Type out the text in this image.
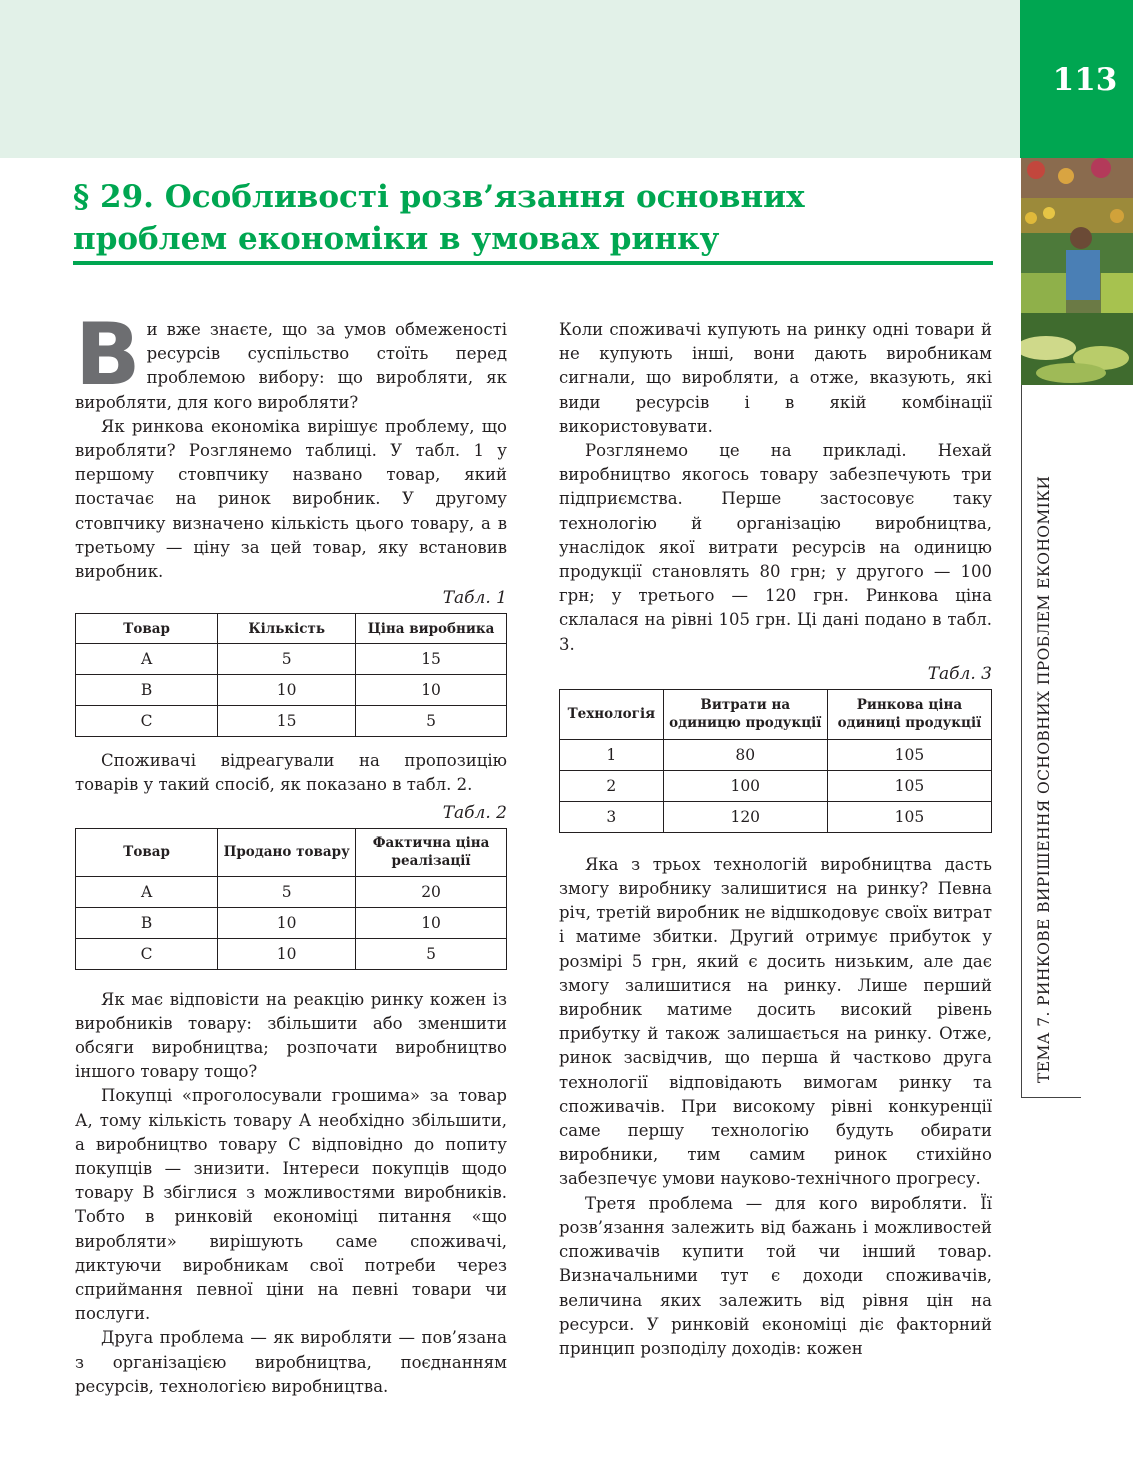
113
ТЕМА 7. РИНКОВЕ ВИРІШЕННЯ ОСНОВНИХ ПРОБЛЕМ ЕКОНОМІКИ
§ 29. Особливості розв’язання основних
проблем економіки в умовах ринку

Ви вже знаєте, що за умов обмеженості ресурсів суспільство стоїть перед проблемою вибору: що виробляти, як виробляти, для кого виробляти?

Як ринкова економіка вирішує проблему, що виробляти? Розглянемо таблиці. У табл. 1 у першому стовпчику названо товар, який постачає на ринок виробник. У другому стовпчику визначено кількість цього товару, а в третьому — ціну за цей товар, яку встановив виробник.

Табл. 1
Товар	Кількість	Ціна виробника
А	5	15
В	10	10
С	15	5

Споживачі відреагували на пропозицію товарів у такий спосіб, як показано в табл. 2.

Табл. 2
Товар	Продано товару	Фактична ціна реалізації
А	5	20
В	10	10
С	10	5

Як має відповісти на реакцію ринку кожен із виробників товару: збільшити або зменшити обсяги виробництва; розпочати виробництво іншого товару тощо?

Покупці «проголосували грошима» за товар А, тому кількість товару А необхідно збільшити, а виробництво товару С відповідно до попиту покупців — знизити. Інтереси покупців щодо товару В збіглися з можливостями виробників. Тобто в ринковій економіці питання «що виробляти» вирішують саме споживачі, диктуючи виробникам свої потреби через сприймання певної ціни на певні товари чи послуги.

Друга проблема — як виробляти — пов’язана з організацією виробництва, поєднанням ресурсів, технологією виробництва.

Коли споживачі купують на ринку одні товари й не купують інші, вони дають виробникам сигнали, що виробляти, а отже, вказують, які види ресурсів і в якій комбінації використовувати.

Розглянемо це на прикладі. Нехай виробництво якогось товару забезпечують три підприємства. Перше застосовує таку технологію й організацію виробництва, унаслідок якої витрати ресурсів на одиницю продукції становлять 80 грн; у другого — 100 грн; у третього — 120 грн. Ринкова ціна склалася на рівні 105 грн. Ці дані подано в табл. 3.

Табл. 3
Технологія	Витрати на одиницю продукції	Ринкова ціна одиниці продукції
1	80	105
2	100	105
3	120	105

Яка з трьох технологій виробництва дасть змогу виробнику залишитися на ринку? Певна річ, третій виробник не відшкодовує своїх витрат і матиме збитки. Другий отримує прибуток у розмірі 5 грн, який є досить низьким, але дає змогу залишитися на ринку. Лише перший виробник матиме досить високий рівень прибутку й також залишається на ринку. Отже, ринок засвідчив, що перша й частково друга технології відповідають вимогам ринку та споживачів. При високому рівні конкуренції саме першу технологію будуть обирати виробники, тим самим ринок стихійно забезпечує умови науково-технічного прогресу.

Третя проблема — для кого виробляти. Її розв’язання залежить від бажань і можливостей споживачів купити той чи інший товар. Визначальними тут є доходи споживачів, величина яких залежить від рівня цін на ресурси. У ринковій економіці діє факторний принцип розподілу доходів: кожен
